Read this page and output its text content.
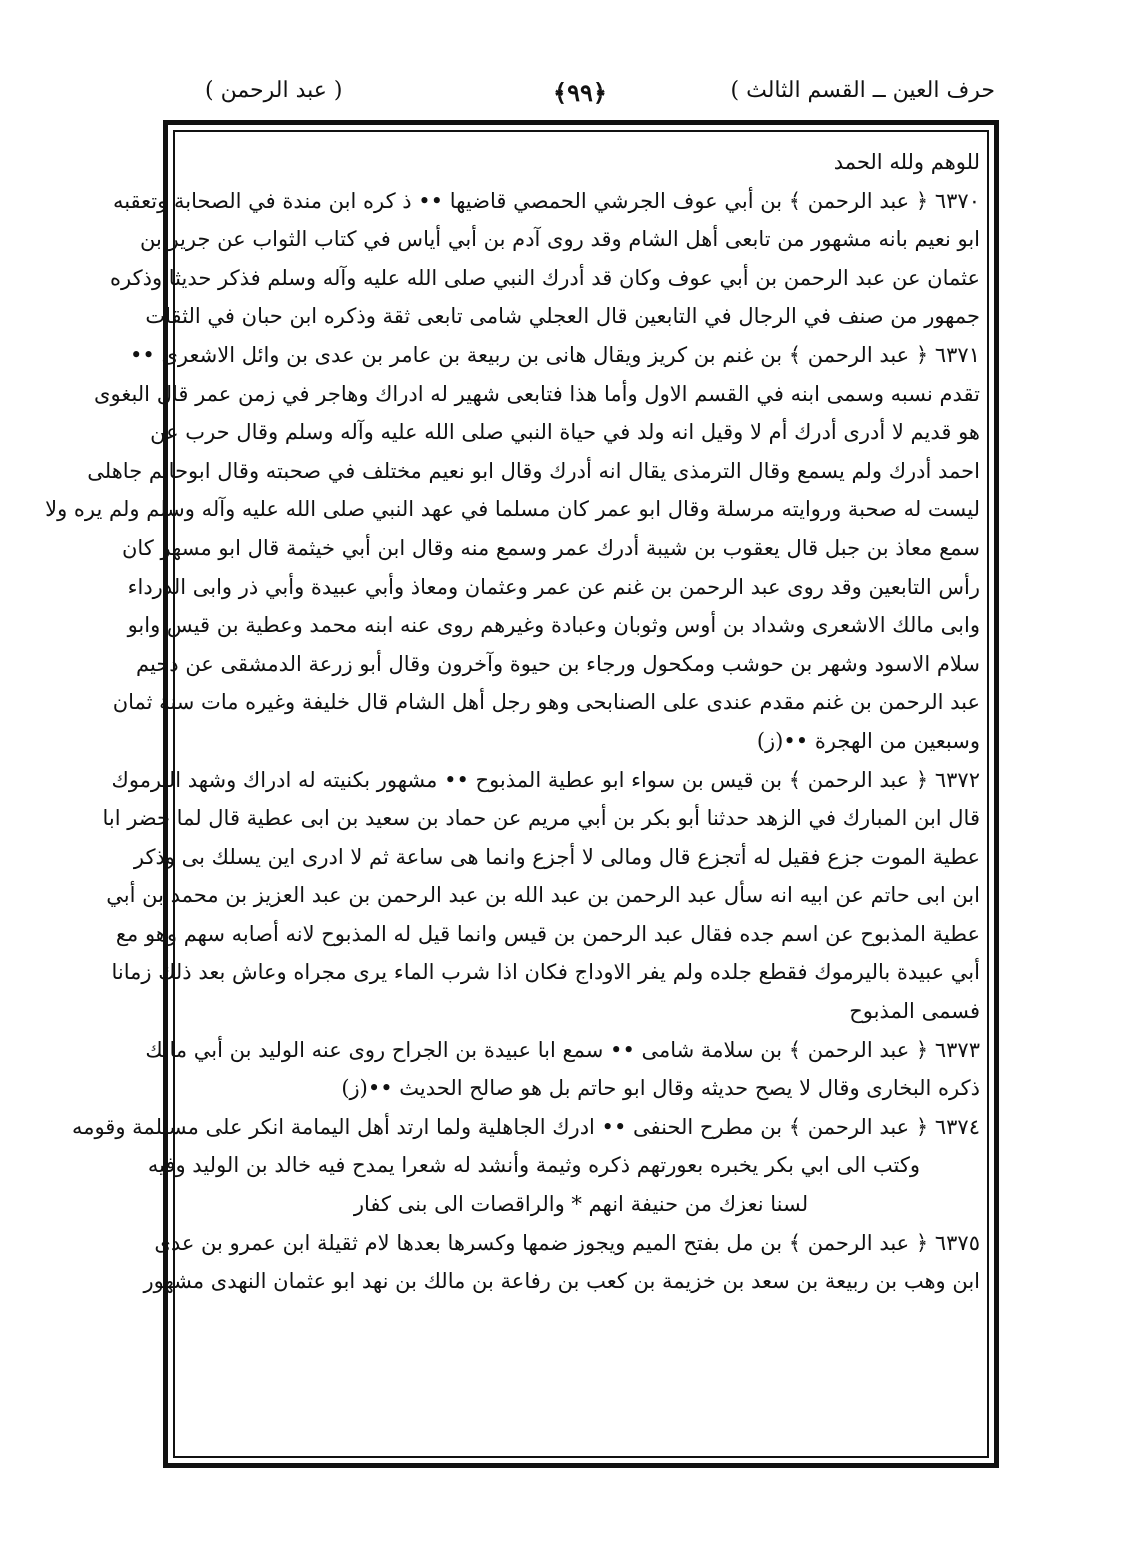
حرف العين ــ القسم الثالث )
﴿٩٩﴾
( عبد الرحمن )
للوهم ولله الحمد
٦٣٧٠ ﴿ عبد الرحمن ﴾ بن أبي عوف الجرشي الحمصي قاضيها •• ذ كره ابن مندة في الصحابة وتعقبه
ابو نعيم بانه مشهور من تابعى أهل الشام وقد روى آدم بن أبي أياس في كتاب الثواب عن جرير بن
عثمان عن عبد الرحمن بن أبي عوف وكان قد أدرك النبي صلى الله عليه وآله وسلم فذكر حديثا وذكره
جمهور من صنف في الرجال في التابعين قال العجلي شامى تابعى ثقة وذكره ابن حبان في الثقات
٦٣٧١ ﴿ عبد الرحمن ﴾ بن غنم بن كريز ويقال هانى بن ربيعة بن عامر بن عدى بن وائل الاشعرى ••
تقدم نسبه وسمى ابنه في القسم الاول وأما هذا فتابعى شهير له ادراك وهاجر في زمن عمر قال البغوى
هو قديم لا أدرى أدرك أم لا وقيل انه ولد في حياة النبي صلى الله عليه وآله وسلم وقال حرب عن
احمد أدرك ولم يسمع وقال الترمذى يقال انه أدرك وقال ابو نعيم مختلف في صحبته وقال ابوحاتم جاهلى
ليست له صحبة وروايته مرسلة وقال ابو عمر كان مسلما في عهد النبي صلى الله عليه وآله وسلم ولم يره ولا
سمع معاذ بن جبل قال يعقوب بن شيبة أدرك عمر وسمع منه وقال ابن أبي خيثمة قال ابو مسهر كان
رأس التابعين وقد روى عبد الرحمن بن غنم عن عمر وعثمان ومعاذ وأبي عبيدة وأبي ذر وابى الدرداء
وابى مالك الاشعرى وشداد بن أوس وثوبان وعبادة وغيرهم روى عنه ابنه محمد وعطية بن قيس وابو
سلام الاسود وشهر بن حوشب ومكحول ورجاء بن حيوة وآخرون وقال أبو زرعة الدمشقى عن دحيم
عبد الرحمن بن غنم مقدم عندى على الصنابحى وهو رجل أهل الشام قال خليفة وغيره مات سنة ثمان
وسبعين من الهجرة ••(ز)
٦٣٧٢ ﴿ عبد الرحمن ﴾ بن قيس بن سواء ابو عطية المذبوح •• مشهور بكنيته له ادراك وشهد اليرموك
قال ابن المبارك في الزهد حدثنا أبو بكر بن أبي مريم عن حماد بن سعيد بن ابى عطية قال لما حضر ابا
عطية الموت جزع فقيل له أتجزع قال ومالى لا أجزع وانما هى ساعة ثم لا ادرى اين يسلك بى وذكر
ابن ابى حاتم عن ابيه انه سأل عبد الرحمن بن عبد الله بن عبد الرحمن بن عبد العزيز بن محمد بن أبي
عطية المذبوح عن اسم جده فقال عبد الرحمن بن قيس وانما قيل له المذبوح لانه أصابه سهم وهو مع
أبي عبيدة باليرموك فقطع جلده ولم يفر الاوداج فكان اذا شرب الماء يرى مجراه وعاش بعد ذلك زمانا
فسمى المذبوح
٦٣٧٣ ﴿ عبد الرحمن ﴾ بن سلامة شامى •• سمع ابا عبيدة بن الجراح روى عنه الوليد بن أبي مالك
ذكره البخارى وقال لا يصح حديثه وقال ابو حاتم بل هو صالح الحديث ••(ز)
٦٣٧٤ ﴿ عبد الرحمن ﴾ بن مطرح الحنفى •• ادرك الجاهلية ولما ارتد أهل اليمامة انكر على مسيلمة وقومه
وكتب الى ابي بكر يخبره بعورتهم ذكره وثيمة وأنشد له شعرا يمدح فيه خالد بن الوليد وفيه
لسنا نعزك من حنيفة انهم * والراقصات الى بنى كفار
٦٣٧٥ ﴿ عبد الرحمن ﴾ بن مل بفتح الميم ويجوز ضمها وكسرها بعدها لام ثقيلة ابن عمرو بن عدى
ابن وهب بن ربيعة بن سعد بن خزيمة بن كعب بن رفاعة بن مالك بن نهد ابو عثمان النهدى مشهور
